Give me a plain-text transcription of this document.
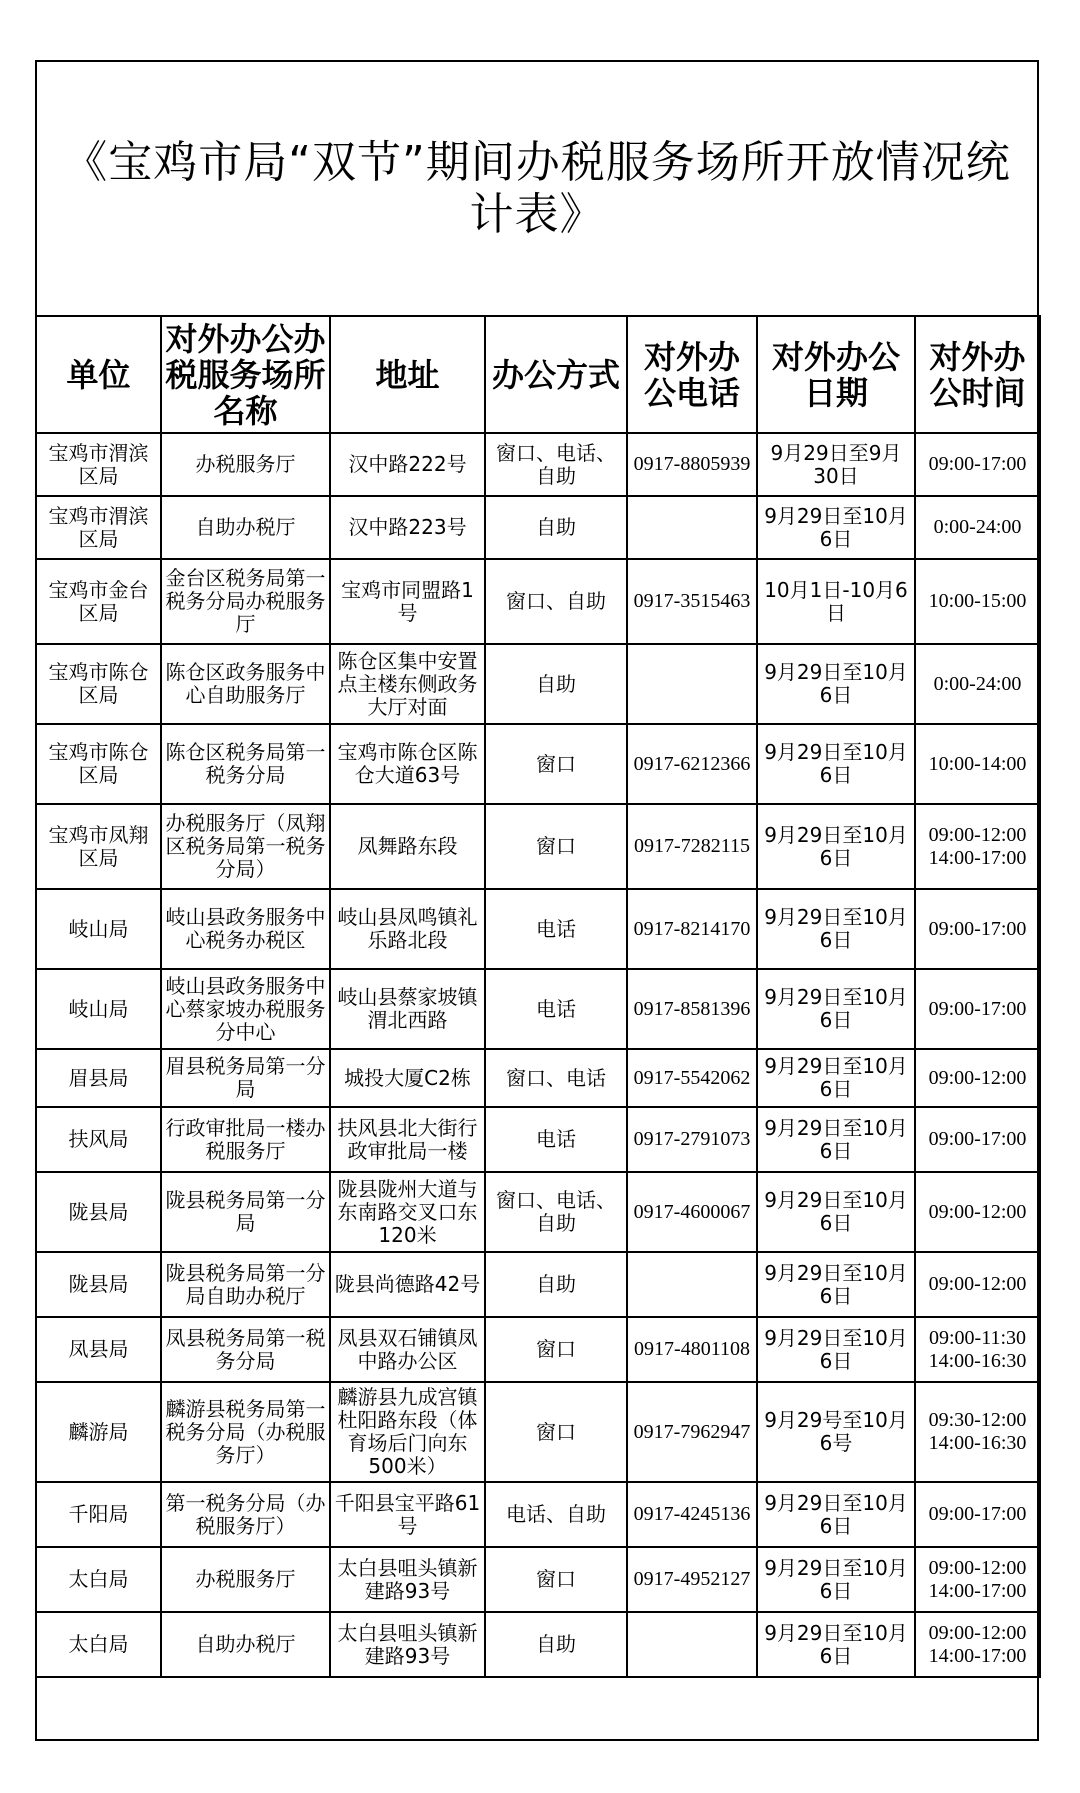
《宝鸡市局“双节”期间办税服务场所开放情况统计表》
单位	对外办公办税服务场所名称	地址	办公方式	对外办公电话	对外办公日期	对外办公时间
宝鸡市渭滨区局	办税服务厅	汉中路222号	窗口、电话、自助	0917-8805939	9月29日至9月30日	09:00-17:00

宝鸡市渭滨区局	自助办税厅	汉中路223号	自助		9月29日至10月6日	0:00-24:00

宝鸡市金台区局	金台区税务局第一税务分局办税服务厅	宝鸡市同盟路1号	窗口、自助	0917-3515463	10月1日-10月6日	10:00-15:00

宝鸡市陈仓区局	陈仓区政务服务中心自助服务厅	陈仓区集中安置点主楼东侧政务大厅对面	自助		9月29日至10月6日	0:00-24:00

宝鸡市陈仓区局	陈仓区税务局第一税务分局	宝鸡市陈仓区陈仓大道63号	窗口	0917-6212366	9月29日至10月6日	10:00-14:00

宝鸡市凤翔区局	办税服务厅（凤翔区税务局第一税务分局）	凤舞路东段	窗口	0917-7282115	9月29日至10月6日	09:00-12:00
14:00-17:00

岐山局	岐山县政务服务中心税务办税区	岐山县凤鸣镇礼乐路北段	电话	0917-8214170	9月29日至10月6日	09:00-17:00

岐山局	岐山县政务服务中心蔡家坡办税服务分中心	岐山县蔡家坡镇渭北西路	电话	0917-8581396	9月29日至10月6日	09:00-17:00

眉县局	眉县税务局第一分局	城投大厦C2栋	窗口、电话	0917-5542062	9月29日至10月6日	09:00-12:00

扶风局	行政审批局一楼办税服务厅	扶风县北大街行政审批局一楼	电话	0917-2791073	9月29日至10月6日	09:00-17:00

陇县局	陇县税务局第一分局	陇县陇州大道与东南路交叉口东120米	窗口、电话、自助	0917-4600067	9月29日至10月6日	09:00-12:00

陇县局	陇县税务局第一分局自助办税厅	陇县尚德路42号	自助		9月29日至10月6日	09:00-12:00

凤县局	凤县税务局第一税务分局	凤县双石铺镇凤中路办公区	窗口	0917-4801108	9月29日至10月6日	09:00-11:30
14:00-16:30

麟游局	麟游县税务局第一税务分局（办税服务厅）	麟游县九成宫镇杜阳路东段（体育场后门向东500米）	窗口	0917-7962947	9月29号至10月6号	09:30-12:00
14:00-16:30

千阳局	第一税务分局（办税服务厅）	千阳县宝平路61号	电话、自助	0917-4245136	9月29日至10月6日	09:00-17:00

太白局	办税服务厅	太白县咀头镇新建路93号	窗口	0917-4952127	9月29日至10月6日	09:00-12:00
14:00-17:00

太白局	自助办税厅	太白县咀头镇新建路93号	自助		9月29日至10月6日	09:00-12:00
14:00-17:00
